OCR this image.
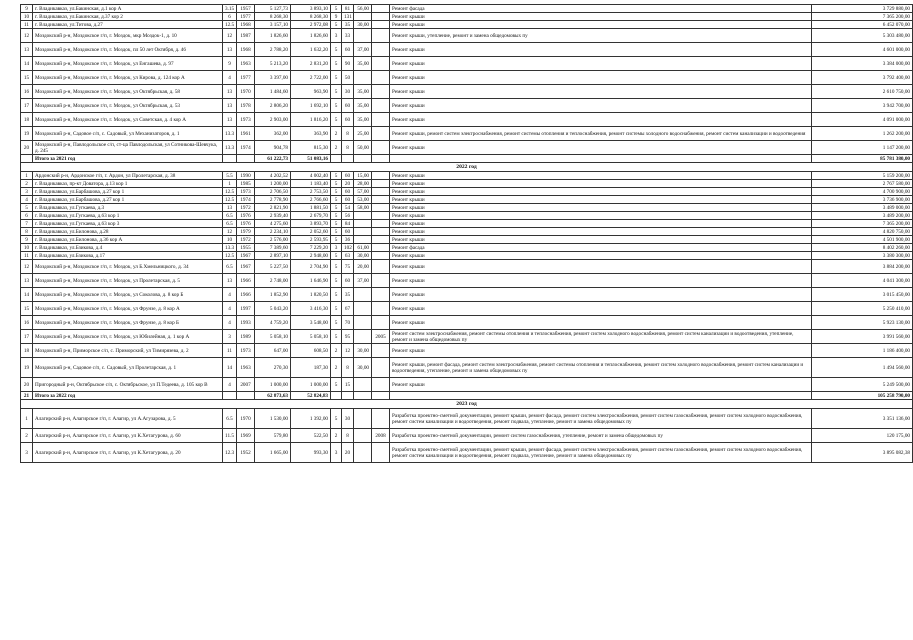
9	г. Владикавказ, ул.Бакинская, д.1 кор А	3.15	1957	5 127,73	3 893,10	5	81	56,00		Ремонт фасада	3 729 880,00
10	г. Владикавказ, ул.Бакинская, д.37 кор 2	6	1977	8 268,30	8 268,30	9	131			Ремонт крыши	7 365 200,00
11	г. Владикавказ, ул.Титова, д.27	12.5	1968	3 157,10	2 972,08	5	35	30,00		Ремонт крыши	6 452 070,00
12	Моздокский р-н, Моздокское г/п, г. Моздок, мкр Моздок-1, д. 10	12	1987	1 826,60	1 826,60	3	33			Ремонт крыши, утепление, ремонт и замена общедомовых пу	5 303 480,00
13	Моздокский р-н, Моздокское г/п, г. Моздок, пл 50 лет Октября, д. 46	13	1968	2 788,20	1 632,20	5	60	37,00		Ремонт крыши	4 601 000,00
14	Моздокский р-н, Моздокское г/п, г. Моздок, ул Енгашева, д. 97	9	1963	5 213,20	2 831,20	5	90	35,00		Ремонт крыши	3 384 000,00
15	Моздокский р-н, Моздокское г/п, г. Моздок, ул Кирова, д. 124 кор А	4	1977	3 397,00	2 722,00	5	50			Ремонт крыши	3 792 400,00
16	Моздокский р-н, Моздокское г/п, г. Моздок, ул Октябрьская, д. 58	13	1970	1 484,60	963,90	5	30	35,00		Ремонт крыши	2 610 750,00
17	Моздокский р-н, Моздокское г/п, г. Моздок, ул Октябрьская, д. 53	13	1978	2 806,20	1 692,10	5	60	35,00		Ремонт крыши	3 942 700,00
18	Моздокский р-н, Моздокское г/п, г. Моздок, ул Советская, д. 4 кор А	13	1973	2 903,00	1 816,20	5	60	35,00		Ремонт крыши	4 091 000,00
19	Моздокский р-н, Садовое с/п, с. Садовый, ул Механизаторов, д. 1	13.3	1961	362,00	363,90	2	8	25,00		Ремонт крыши, ремонт систем электроснабжения, ремонт системы отопления и теплоснабжения, ремонт системы холодного водоснабжения, ремонт систем канализации и водоотведения	1 262 200,00
20	Моздокский р-н, Павлодольское с/п, ст-ца Павлодольская, ул Сотникова-Шевчука, д. 245	13.3	1974	904,78	815,30	2	8	50,00		Ремонт крыши	1 147 200,00
	Итого за 2021 год			61 222,73	51 083,16						85 781 380,00
2022 год											
1	Ардонский р-н, Ардонское г/п, г. Ардон, ул Пролетарская, д. 38	5.5	1990	4 202,52	4 002,40	5	60	15,00		Ремонт крыши	5 159 200,00
2	г. Владикавказ, пр-кт Доватора, д.13 кор 1	1	1985	1 200,00	1 183,40	5	20	28,00		Ремонт крыши	2 767 580,00
3	г. Владикавказ, ул.Барбашова, д.27 кор 1	12.5	1973	2 706,50	2 753,50	5	60	57,00		Ремонт крыши	4 700 900,00
4	г. Владикавказ, ул.Барбашова, д.27 кор 1	12.5	1974	2 778,90	2 766,60	5	60	53,00		Ремонт крыши	3 736 900,00
5	г. Владикавказ, ул.Гугкаева, д.3	13	1972	2 821,90	1 881,50	5	54	58,00		Ремонт крыши	3 489 000,00
6	г. Владикавказ, ул.Гугкаева, д.63 кор 1	6.5	1976	2 939,40	2 679,70	5	56			Ремонт крыши	3 489 200,00
7	г. Владикавказ, ул.Гугкаева, д.63 кор 3	6.5	1976	4 275,60	3 893,70	5	84			Ремонт крыши	7 365 200,00
8	г. Владикавказ, ул.Билонова, д.28	12	1979	2 234,10	2 052,60	5	60			Ремонт крыши	4 820 750,00
9	г. Владикавказ, ул.Билонова, д.36 кор А	10	1972	2 576,00	2 593,95	5	36			Ремонт крыши	4 501 900,00
10	г. Владикавказ, ул.Бзикова, д.4	13.3	1955	7 389,60	7 229,20	3	102	61,00		Ремонт фасада	8 402 260,00
11	г. Владикавказ, ул.Бзикова, д.17	12.5	1967	2 897,10	2 948,00	5	63	30,00		Ремонт крыши	3 380 300,00
12	Моздокский р-н, Моздокское г/п, г. Моздок, ул Б.Хмельницкого, д. 34	6.5	1967	5 227,50	2 704,90	5	75	20,00		Ремонт крыши	3 884 200,00
13	Моздокский р-н, Моздокское г/п, г. Моздок, ул Пролетарская, д. 5	13	1966	2 748,00	1 646,90	5	60	37,00		Ремонт крыши	4 041 300,00
14	Моздокский р-н, Моздокское г/п, г. Моздок, ул Соколова, д. 8 кор Б	4	1966	1 852,90	1 820,50	5	35			Ремонт крыши	3 015 450,00
15	Моздокский р-н, Моздокское г/п, г. Моздок, ул Фрунзе, д. 8 кор А	4	1997	5 043,20	3 416,30	5	67			Ремонт крыши	5 250 410,00
16	Моздокский р-н, Моздокское г/п, г. Моздок, ул Фрунзе, д. 8 кор Б	4	1993	4 759,20	3 548,00	5	70			Ремонт крыши	5 923 130,00
17	Моздокский р-н, Моздокское г/п, г. Моздок, ул Юбилейная, д. 1 кор А	3	1989	5 058,10	5 058,10	5	95		2005	Ремонт систем электроснабжения, ремонт системы отопления и теплоснабжения, ремонт систем холодного водоснабжения, ремонт систем канализации и водоотведения, утепление, ремонт и замена общедомовых пу	3 991 560,00
18	Моздокский р-н, Приморское с/п, с. Приморский, ул Тимирязева, д. 2	11	1973	647,00	608,50	2	12	30,00		Ремонт крыши	1 186 400,00
19	Моздокский р-н, Садовое с/п, с. Садовый, ул Пролетарская, д. 1	14	1963	270,30	187,30	2	8	30,00		Ремонт крыши, ремонт фасада, ремонт систем электроснабжения, ремонт системы отопления и теплоснабжения, ремонт систем холодного водоснабжения, ремонт систем канализации и водоотведения, утепление, ремонт и замена общедомовых пу	1 494 560,00
20	Пригородный р-н, Октябрьское с/п, с. Октябрьское, ул П.Тедеева, д. 105 кор В	4	2007	1 000,00	1 000,00	5	15			Ремонт крыши	5 249 500,00
21	Итого за 2022 год			62 873,63	52 824,83						105 258 790,00
2023 год											
1	Алагирский р-н, Алагирское г/п, г. Алагир, ул А.Агузарова, д. 5	6.5	1970	1 530,00	1 392,00	5	30			Разработка проектно-сметной документации, ремонт крыши, ремонт фасада, ремонт систем электроснабжения, ремонт систем газоснабжения, ремонт систем холодного водоснабжения, ремонт систем канализации и водоотведения, ремонт подвала, утепление, ремонт и замена общедомовых пу	3 351 136,00
2	Алагирский р-н, Алагирское г/п, г. Алагир, ул К.Хетагурова, д. 60	11.5	1969	579,80	522,50	2	8		2008	Разработка проектно-сметной документации, ремонт систем газоснабжения, утепление, ремонт и замена общедомовых пу	120 175,00
3	Алагирский р-н, Алагирское г/п, г. Алагир, ул К.Хетагурова, д. 20	12.3	1952	1 665,00	993,30	3	20			Разработка проектно-сметной документации, ремонт крыши, ремонт фасада, ремонт систем электроснабжения, ремонт систем газоснабжения, ремонт систем холодного водоснабжения, ремонт систем канализации и водоотведения, ремонт подвала, утепление, ремонт и замена общедомовых пу	3 895 082,38
